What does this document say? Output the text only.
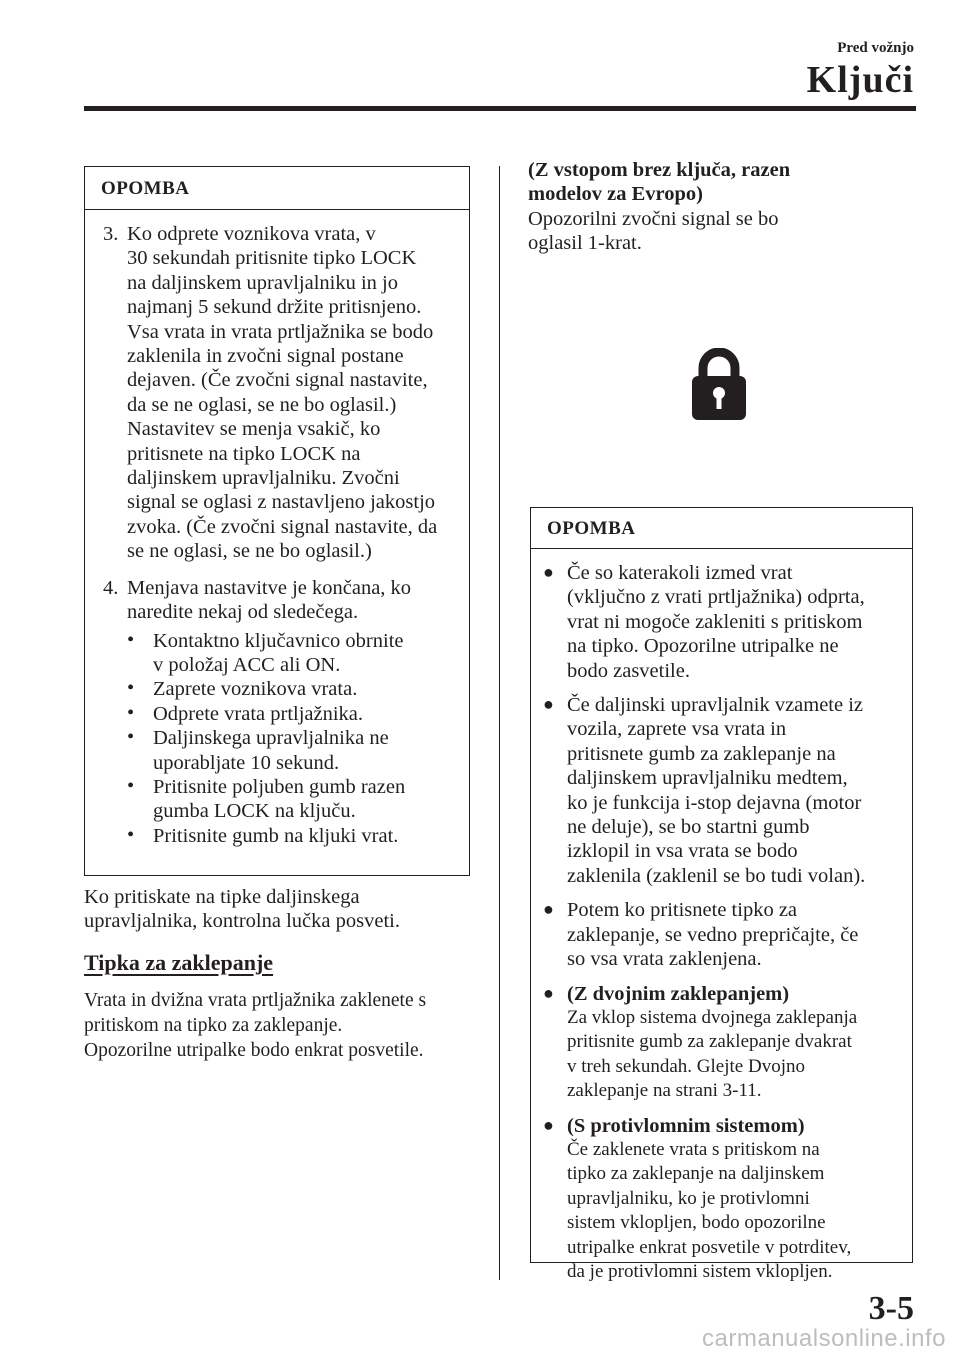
Pred vožnjo
Ključi
OPOMBA
3. Ko odprete voznikova vrata, v
30 sekundah pritisnite tipko LOCK
na daljinskem upravljalniku in jo
najmanj 5 sekund držite pritisnjeno.
Vsa vrata in vrata prtljažnika se bodo
zaklenila in zvočni signal postane
dejaven. (Če zvočni signal nastavite,
da se ne oglasi, se ne bo oglasil.)
Nastavitev se menja vsakič, ko
pritisnete na tipko LOCK na
daljinskem upravljalniku. Zvočni
signal se oglasi z nastavljeno jakostjo
zvoka. (Če zvočni signal nastavite, da
se ne oglasi, se ne bo oglasil.)
4. Menjava nastavitve je končana, ko
naredite nekaj od sledečega.
• Kontaktno ključavnico obrnite
v položaj ACC ali ON.
• Zaprete voznikova vrata.
• Odprete vrata prtljažnika.
• Daljinskega upravljalnika ne
uporabljate 10 sekund.
• Pritisnite poljuben gumb razen
gumba LOCK na ključu.
• Pritisnite gumb na kljuki vrat.
Ko pritiskate na tipke daljinskega
upravljalnika, kontrolna lučka posveti.
Tipka za zaklepanje
Vrata in dvižna vrata prtljažnika zaklenete s
pritiskom na tipko za zaklepanje.
Opozorilne utripalke bodo enkrat posvetile.
(Z vstopom brez ključa, razen
modelov za Evropo)
Opozorilni zvočni signal se bo
oglasil 1-krat.
OPOMBA
● Če so katerakoli izmed vrat
(vključno z vrati prtljažnika) odprta,
vrat ni mogoče zakleniti s pritiskom
na tipko. Opozorilne utripalke ne
bodo zasvetile.
● Če daljinski upravljalnik vzamete iz
vozila, zaprete vsa vrata in
pritisnete gumb za zaklepanje na
daljinskem upravljalniku medtem,
ko je funkcija i-stop dejavna (motor
ne deluje), se bo startni gumb
izklopil in vsa vrata se bodo
zaklenila (zaklenil se bo tudi volan).
● Potem ko pritisnete tipko za
zaklepanje, se vedno prepričajte, če
so vsa vrata zaklenjena.
● (Z dvojnim zaklepanjem)
Za vklop sistema dvojnega zaklepanja
pritisnite gumb za zaklepanje dvakrat
v treh sekundah. Glejte Dvojno
zaklepanje na strani 3-11.
● (S protivlomnim sistemom)
Če zaklenete vrata s pritiskom na
tipko za zaklepanje na daljinskem
upravljalniku, ko je protivlomni
sistem vklopljen, bodo opozorilne
utripalke enkrat posvetile v potrditev,
da je protivlomni sistem vklopljen.
3-5
carmanualsonline.info
